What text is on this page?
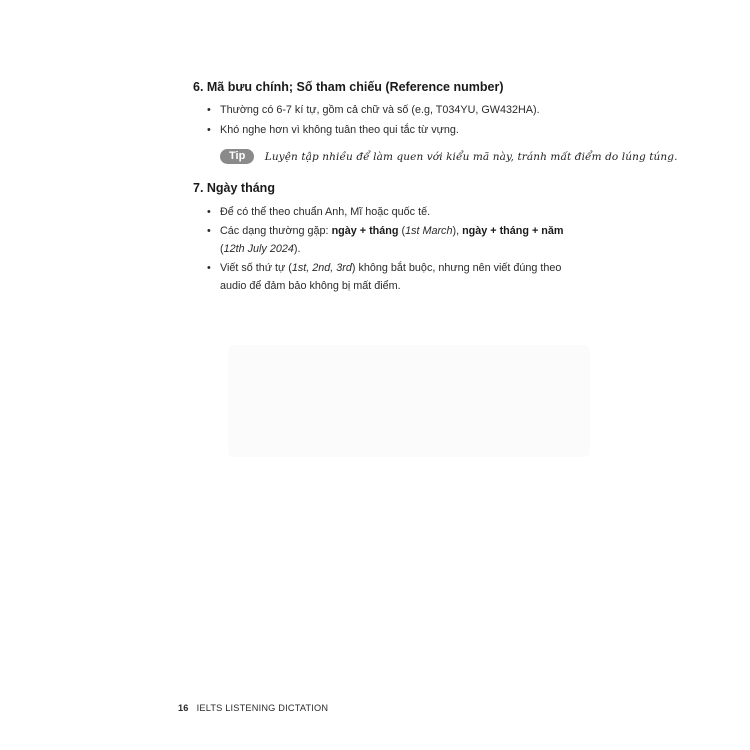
6. Mã bưu chính; Số tham chiếu (Reference number)
• Thường có 6-7 kí tự, gồm cả chữ và số (e.g, T034YU, GW432HA).
• Khó nghe hơn vì không tuân theo qui tắc từ vựng.
Tip Luyện tập nhiều để làm quen với kiểu mã này, tránh mất điểm do lúng túng.
7. Ngày tháng
• Để có thể theo chuẩn Anh, Mĩ hoặc quốc tế.
• Các dạng thường gặp: ngày + tháng (1st March), ngày + tháng + năm
(12th July 2024).
• Viết số thứ tự (1st, 2nd, 3rd) không bắt buộc, nhưng nên viết đúng theo audio để đảm bảo không bị mất điểm.
16 IELTS LISTENING DICTATION
